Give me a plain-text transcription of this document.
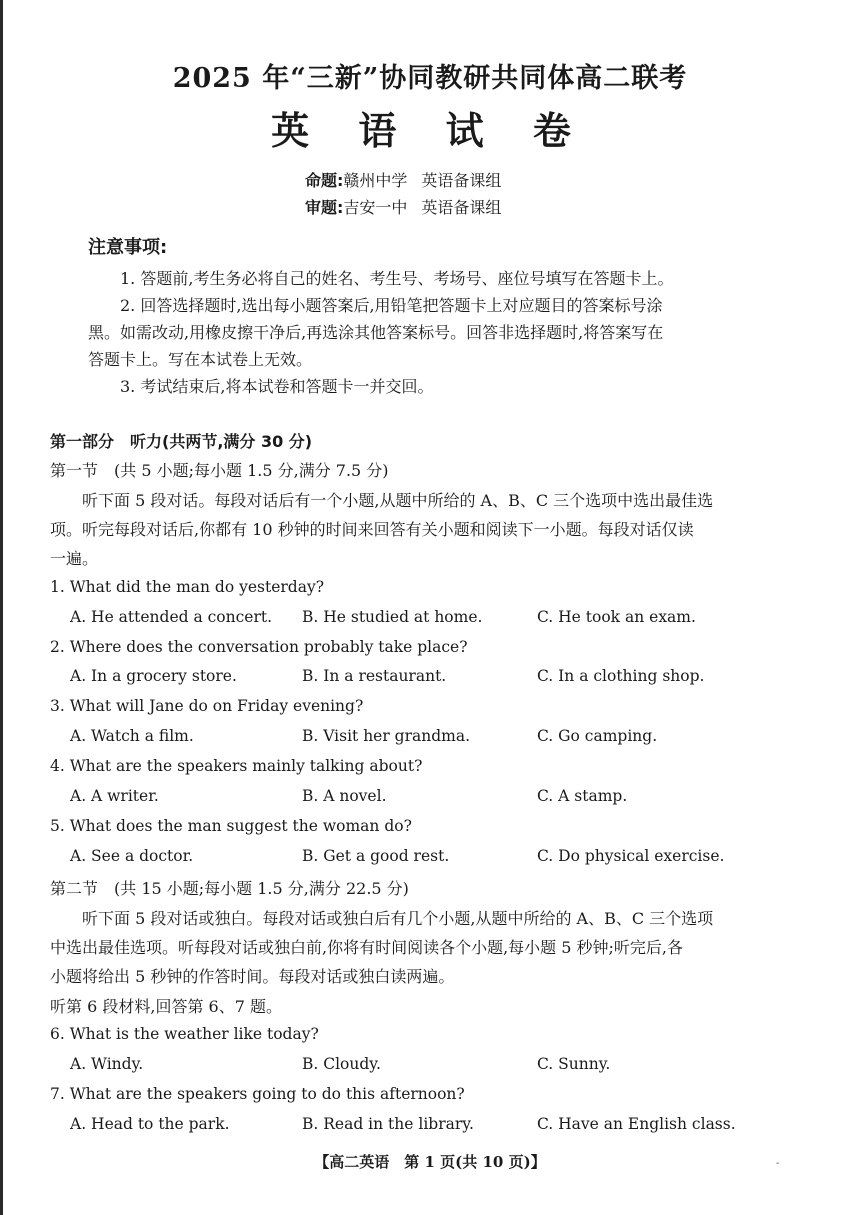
2025 年“三新”协同教研共同体高二联考
英 语 试 卷
命题:赣州中学 英语备课组
审题:吉安一中 英语备课组
注意事项:
1. 答题前,考生务必将自己的姓名、考生号、考场号、座位号填写在答题卡上。
2. 回答选择题时,选出每小题答案后,用铅笔把答题卡上对应题目的答案标号涂
黑。如需改动,用橡皮擦干净后,再选涂其他答案标号。回答非选择题时,将答案写在
答题卡上。写在本试卷上无效。
3. 考试结束后,将本试卷和答题卡一并交回。
第一部分　听力(共两节,满分 30 分)
第一节　(共 5 小题;每小题 1.5 分,满分 7.5 分)
听下面 5 段对话。每段对话后有一个小题,从题中所给的 A、B、C 三个选项中选出最佳选
项。听完每段对话后,你都有 10 秒钟的时间来回答有关小题和阅读下一小题。每段对话仅读
一遍。
1. What did the man do yesterday?
A. He attended a concert. B. He studied at home.	C. He took an exam.
2. Where does the conversation probably take place?
A. In a grocery store.	B. In a restaurant.	C. In a clothing shop.
3. What will Jane do on Friday evening?
A. Watch a film.	B. Visit her grandma.	C. Go camping.
4. What are the speakers mainly talking about?
A. A writer.	B. A novel.	C. A stamp.
5. What does the man suggest the woman do?
A. See a doctor.	B. Get a good rest.	C. Do physical exercise.
第二节　(共 15 小题;每小题 1.5 分,满分 22.5 分)
听下面 5 段对话或独白。每段对话或独白后有几个小题,从题中所给的 A、B、C 三个选项
中选出最佳选项。听每段对话或独白前,你将有时间阅读各个小题,每小题 5 秒钟;听完后,各
小题将给出 5 秒钟的作答时间。每段对话或独白读两遍。
听第 6 段材料,回答第 6、7 题。
6. What is the weather like today?
A. Windy.	B. Cloudy.	C. Sunny.
7. What are the speakers going to do this afternoon?
A. Head to the park.	B. Read in the library.	C. Have an English class.
【高二英语　第 1 页(共 10 页)】	-
